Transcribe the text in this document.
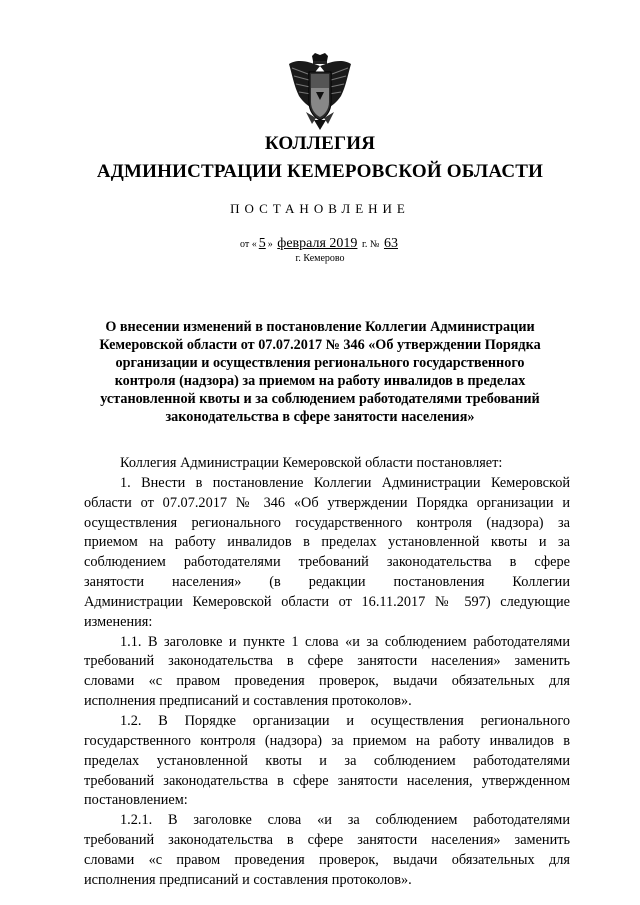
КОЛЛЕГИЯ
АДМИНИСТРАЦИИ КЕМЕРОВСКОЙ ОБЛАСТИ
ПОСТАНОВЛЕНИЕ
от « 5 » февраля 2019 г. № 63
г. Кемерово
О внесении изменений в постановление Коллегии Администрации
Кемеровской области от 07.07.2017 № 346 «Об утверждении Порядка
организации и осуществления регионального государственного
контроля (надзора) за приемом на работу инвалидов в пределах
установленной квоты и за соблюдением работодателями требований
законодательства в сфере занятости населения»
Коллегия Администрации Кемеровской области постановляет:
1. Внести в постановление Коллегии Администрации Кемеровской
области от 07.07.2017 № 346 «Об утверждении Порядка организации и
осуществления регионального государственного контроля (надзора) за
приемом на работу инвалидов в пределах установленной квоты и за
соблюдением работодателями требований законодательства в сфере
занятости населения» (в редакции постановления Коллегии
Администрации Кемеровской области от 16.11.2017 № 597) следующие
изменения:
1.1. В заголовке и пункте 1 слова «и за соблюдением работодателями
требований законодательства в сфере занятости населения» заменить
словами «с правом проведения проверок, выдачи обязательных для
исполнения предписаний и составления протоколов».
1.2. В Порядке организации и осуществления регионального
государственного контроля (надзора) за приемом на работу инвалидов в
пределах установленной квоты и за соблюдением работодателями
требований законодательства в сфере занятости населения, утвержденном
постановлением:
1.2.1. В заголовке слова «и за соблюдением работодателями
требований законодательства в сфере занятости населения» заменить
словами «с правом проведения проверок, выдачи обязательных для
исполнения предписаний и составления протоколов».
